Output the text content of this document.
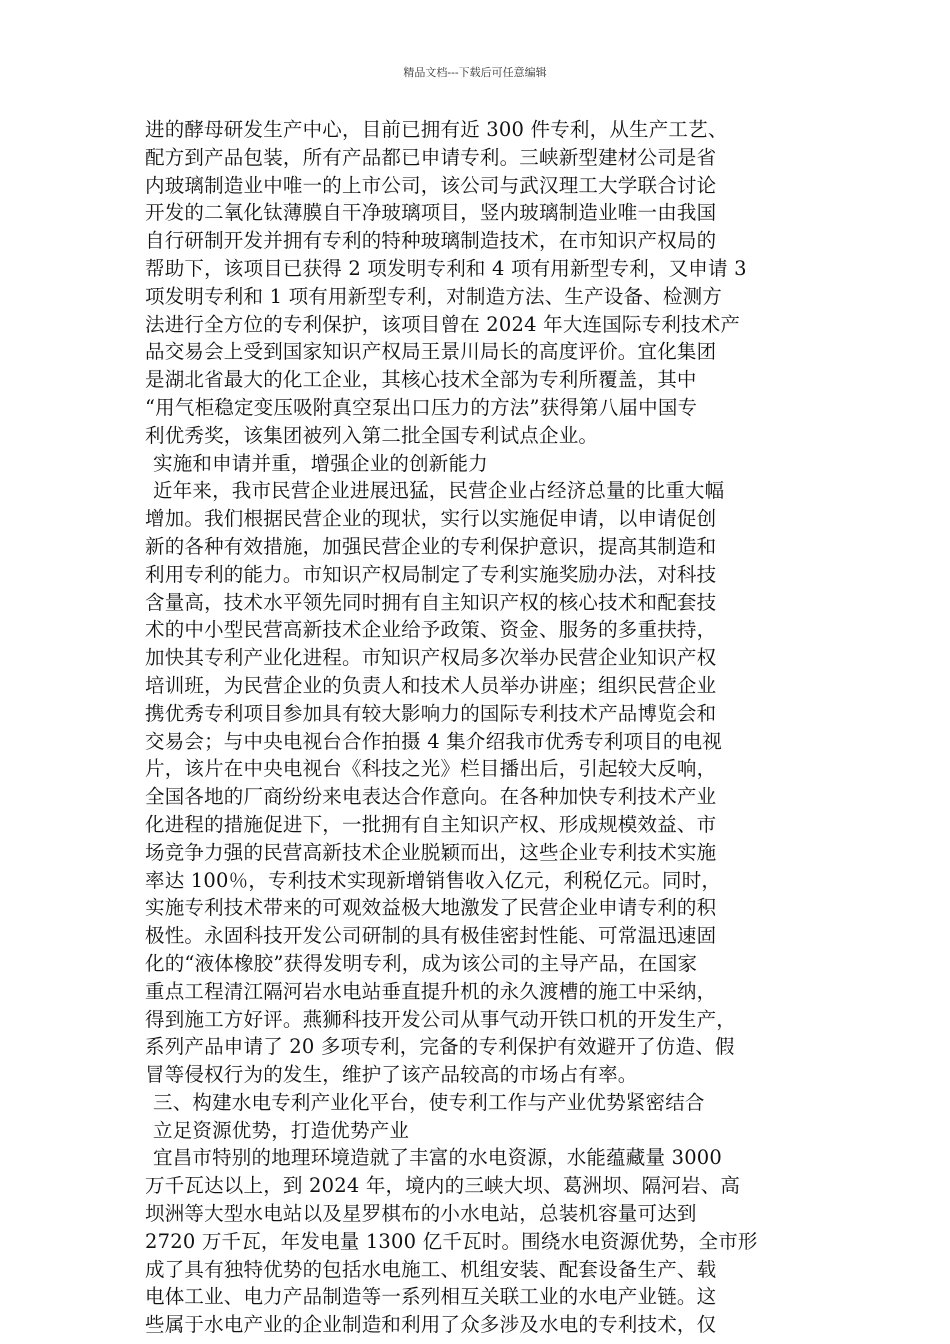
精品文档---下载后可任意编辑
进的酵母研发生产中心，目前已拥有近 300 件专利，从生产工艺、
配方到产品包装，所有产品都已申请专利。三峡新型建材公司是省
内玻璃制造业中唯一的上市公司，该公司与武汉理工大学联合讨论
开发的二氧化钛薄膜自干净玻璃项目，竖内玻璃制造业唯一由我国
自行研制开发并拥有专利的特种玻璃制造技术，在市知识产权局的
帮助下，该项目已获得 2 项发明专利和 4 项有用新型专利，又申请 3
项发明专利和 1 项有用新型专利，对制造方法、生产设备、检测方
法进行全方位的专利保护，该项目曾在 2024 年大连国际专利技术产
品交易会上受到国家知识产权局王景川局长的高度评价。宜化集团
是湖北省最大的化工企业，其核心技术全部为专利所覆盖，其中
“用气柜稳定变压吸附真空泵出口压力的方法”获得第八届中国专
利优秀奖，该集团被列入第二批全国专利试点企业。
实施和申请并重，增强企业的创新能力
近年来，我市民营企业进展迅猛，民营企业占经济总量的比重大幅
增加。我们根据民营企业的现状，实行以实施促申请，以申请促创
新的各种有效措施，加强民营企业的专利保护意识，提高其制造和
利用专利的能力。市知识产权局制定了专利实施奖励办法，对科技
含量高，技术水平领先同时拥有自主知识产权的核心技术和配套技
术的中小型民营高新技术企业给予政策、资金、服务的多重扶持，
加快其专利产业化进程。市知识产权局多次举办民营企业知识产权
培训班，为民营企业的负责人和技术人员举办讲座；组织民营企业
携优秀专利项目参加具有较大影响力的国际专利技术产品博览会和
交易会；与中央电视台合作拍摄 4 集介绍我市优秀专利项目的电视
片，该片在中央电视台《科技之光》栏目播出后，引起较大反响，
全国各地的厂商纷纷来电表达合作意向。在各种加快专利技术产业
化进程的措施促进下，一批拥有自主知识产权、形成规模效益、市
场竞争力强的民营高新技术企业脱颖而出，这些企业专利技术实施
率达 100％，专利技术实现新增销售收入亿元，利税亿元。同时，
实施专利技术带来的可观效益极大地激发了民营企业申请专利的积
极性。永固科技开发公司研制的具有极佳密封性能、可常温迅速固
化的“液体橡胶”获得发明专利，成为该公司的主导产品，在国家
重点工程清江隔河岩水电站垂直提升机的永久渡槽的施工中采纳，
得到施工方好评。燕狮科技开发公司从事气动开铁口机的开发生产，
系列产品申请了 20 多项专利，完备的专利保护有效避开了仿造、假
冒等侵权行为的发生，维护了该产品较高的市场占有率。
三、构建水电专利产业化平台，使专利工作与产业优势紧密结合
立足资源优势，打造优势产业
宜昌市特别的地理环境造就了丰富的水电资源，水能蕴藏量 3000
万千瓦达以上，到 2024 年，境内的三峡大坝、葛洲坝、隔河岩、高
坝洲等大型水电站以及星罗棋布的小水电站，总装机容量可达到
2720 万千瓦，年发电量 1300 亿千瓦时。围绕水电资源优势，全市形
成了具有独特优势的包括水电施工、机组安装、配套设备生产、载
电体工业、电力产品制造等一系列相互关联工业的水电产业链。这
些属于水电产业的企业制造和利用了众多涉及水电的专利技术，仅
